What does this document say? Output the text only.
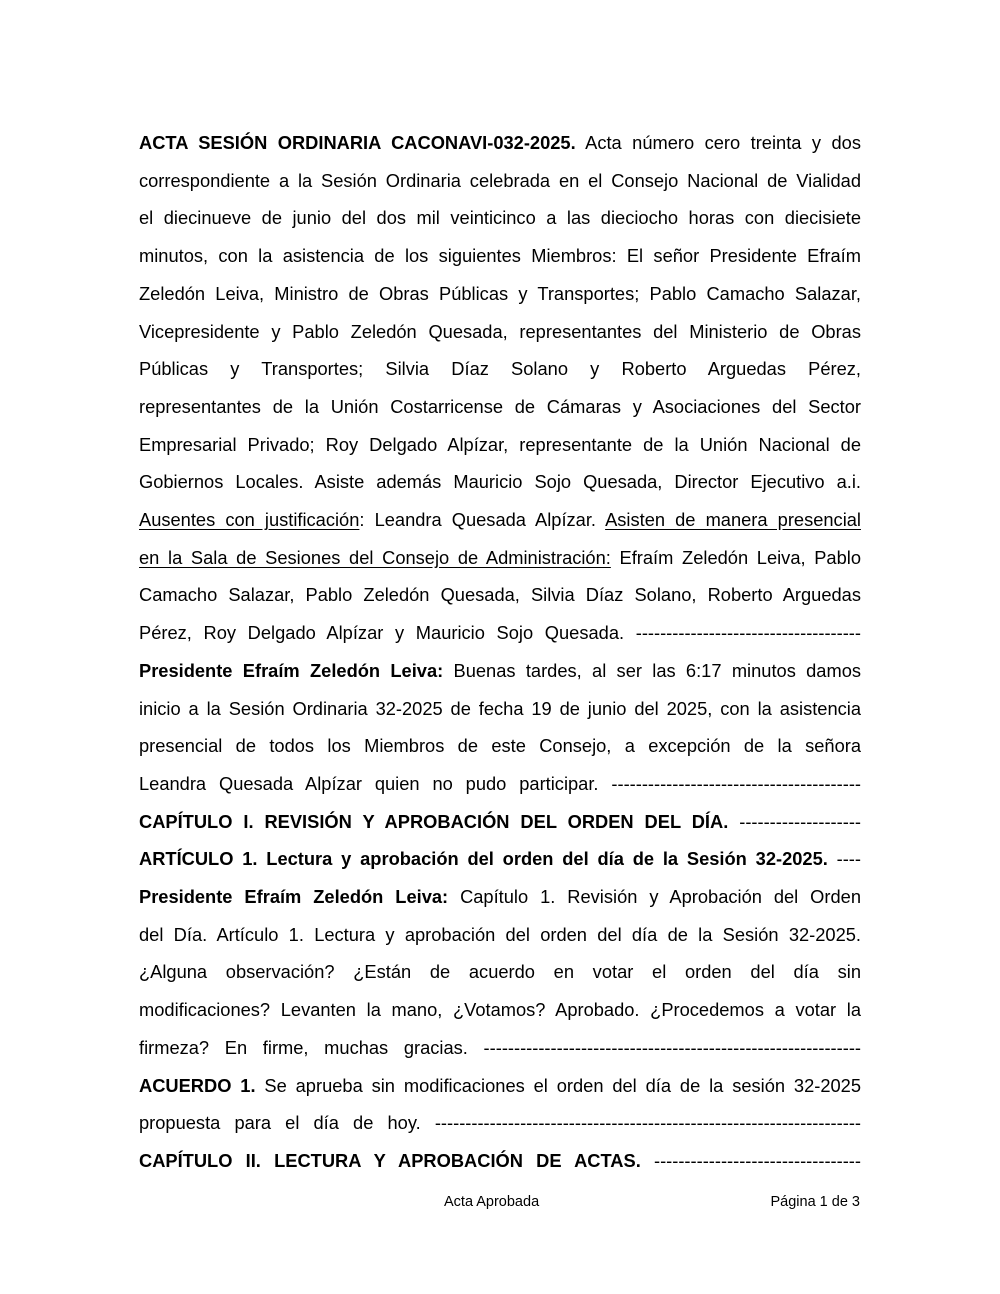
ACTA SESIÓN ORDINARIA CACONAVI-032-2025. Acta número cero treinta y dos
correspondiente a la Sesión Ordinaria celebrada en el Consejo Nacional de Vialidad
el diecinueve de junio del dos mil veinticinco a las dieciocho horas con diecisiete
minutos, con la asistencia de los siguientes Miembros: El señor Presidente Efraím
Zeledón Leiva, Ministro de Obras Públicas y Transportes; Pablo Camacho Salazar,
Vicepresidente y Pablo Zeledón Quesada, representantes del Ministerio de Obras
Públicas y Transportes; Silvia Díaz Solano y Roberto Arguedas Pérez,
representantes de la Unión Costarricense de Cámaras y Asociaciones del Sector
Empresarial Privado; Roy Delgado Alpízar, representante de la Unión Nacional de
Gobiernos Locales. Asiste además Mauricio Sojo Quesada, Director Ejecutivo a.i.
Ausentes con justificación: Leandra Quesada Alpízar. Asisten de manera presencial
en la Sala de Sesiones del Consejo de Administración: Efraím Zeledón Leiva, Pablo
Camacho Salazar, Pablo Zeledón Quesada, Silvia Díaz Solano, Roberto Arguedas
Pérez, Roy Delgado Alpízar y Mauricio Sojo Quesada. -------------------------------------

Presidente Efraím Zeledón Leiva: Buenas tardes, al ser las 6:17 minutos damos
inicio a la Sesión Ordinaria 32-2025 de fecha 19 de junio del 2025, con la asistencia
presencial de todos los Miembros de este Consejo, a excepción de la señora
Leandra Quesada Alpízar quien no pudo participar. -----------------------------------------

CAPÍTULO I. REVISIÓN Y APROBACIÓN DEL ORDEN DEL DÍA. --------------------

ARTÍCULO 1. Lectura y aprobación del orden del día de la Sesión 32-2025. ----

Presidente Efraím Zeledón Leiva: Capítulo 1. Revisión y Aprobación del Orden
del Día. Artículo 1. Lectura y aprobación del orden del día de la Sesión 32-2025.
¿Alguna observación? ¿Están de acuerdo en votar el orden del día sin
modificaciones? Levanten la mano, ¿Votamos? Aprobado. ¿Procedemos a votar la
firmeza? En firme, muchas gracias. --------------------------------------------------------------

ACUERDO 1. Se aprueba sin modificaciones el orden del día de la sesión 32-2025
propuesta para el día de hoy. ----------------------------------------------------------------------

CAPÍTULO II. LECTURA Y APROBACIÓN DE ACTAS. ----------------------------------

Acta Aprobada	Página 1 de 3
